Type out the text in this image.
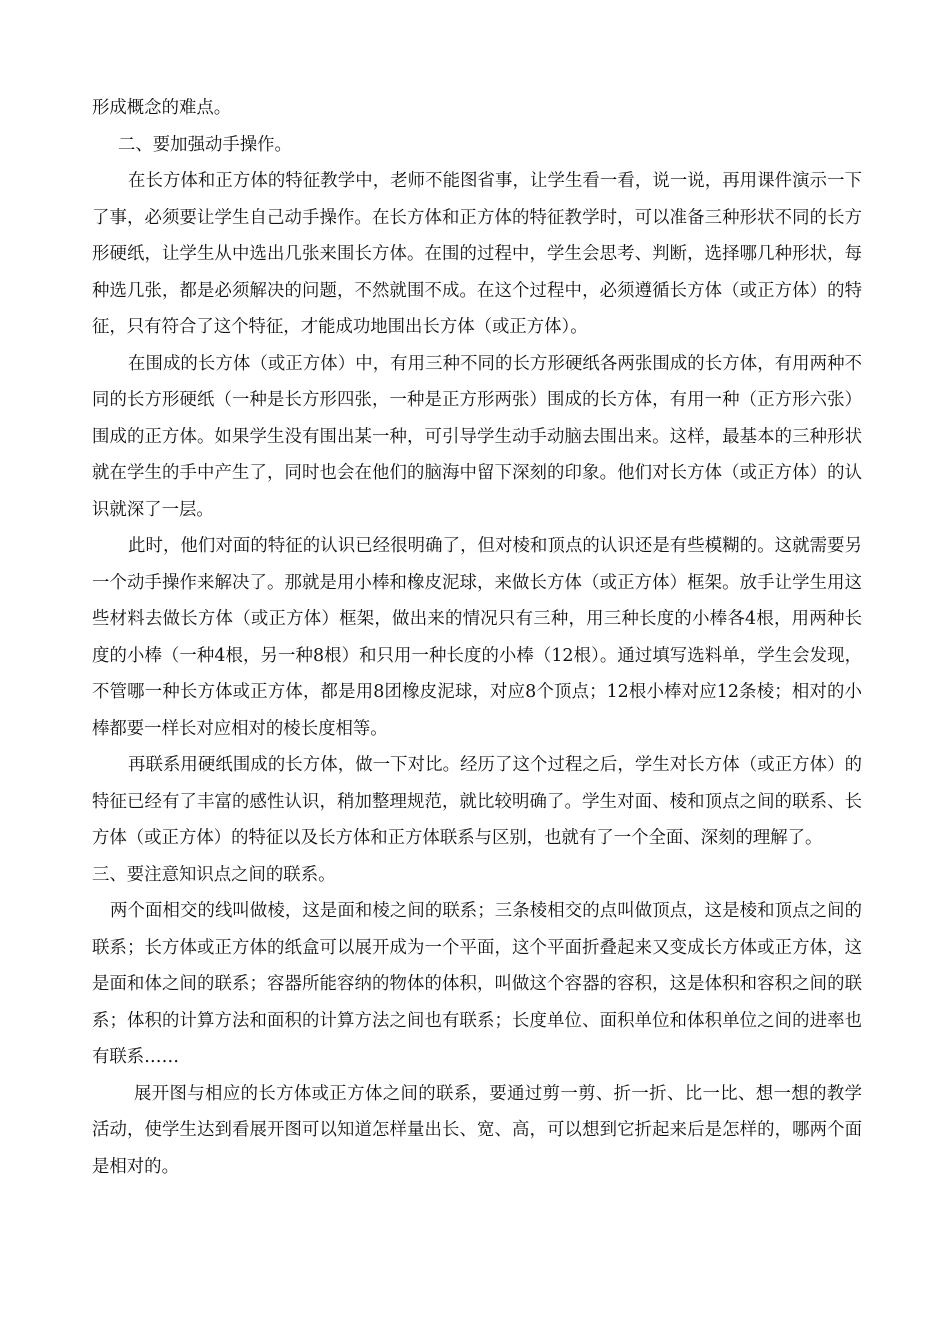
形成概念的难点。

二、要加强动手操作。

在长方体和正方体的特征教学中，老师不能图省事，让学生看一看，说一说，再用课件演示一下了事，必须要让学生自己动手操作。在长方体和正方体的特征教学时，可以准备三种形状不同的长方形硬纸，让学生从中选出几张来围长方体。在围的过程中，学生会思考、判断，选择哪几种形状，每种选几张，都是必须解决的问题，不然就围不成。在这个过程中，必须遵循长方体（或正方体）的特征，只有符合了这个特征，才能成功地围出长方体（或正方体）。

在围成的长方体（或正方体）中，有用三种不同的长方形硬纸各两张围成的长方体，有用两种不同的长方形硬纸（一种是长方形四张，一种是正方形两张）围成的长方体，有用一种（正方形六张）围成的正方体。如果学生没有围出某一种，可引导学生动手动脑去围出来。这样，最基本的三种形状就在学生的手中产生了，同时也会在他们的脑海中留下深刻的印象。他们对长方体（或正方体）的认识就深了一层。

此时，他们对面的特征的认识已经很明确了，但对棱和顶点的认识还是有些模糊的。这就需要另一个动手操作来解决了。那就是用小棒和橡皮泥球，来做长方体（或正方体）框架。放手让学生用这些材料去做长方体（或正方体）框架，做出来的情况只有三种，用三种长度的小棒各4根，用两种长度的小棒（一种4根，另一种8根）和只用一种长度的小棒（12根）。通过填写选料单，学生会发现，不管哪一种长方体或正方体，都是用8团橡皮泥球，对应8个顶点；12根小棒对应12条棱；相对的小棒都要一样长对应相对的棱长度相等。

再联系用硬纸围成的长方体，做一下对比。经历了这个过程之后，学生对长方体（或正方体）的特征已经有了丰富的感性认识，稍加整理规范，就比较明确了。学生对面、棱和顶点之间的联系、长方体（或正方体）的特征以及长方体和正方体联系与区别，也就有了一个全面、深刻的理解了。

三、要注意知识点之间的联系。

两个面相交的线叫做棱，这是面和棱之间的联系；三条棱相交的点叫做顶点，这是棱和顶点之间的联系；长方体或正方体的纸盒可以展开成为一个平面，这个平面折叠起来又变成长方体或正方体，这是面和体之间的联系；容器所能容纳的物体的体积，叫做这个容器的容积，这是体积和容积之间的联系；体积的计算方法和面积的计算方法之间也有联系；长度单位、面积单位和体积单位之间的进率也有联系……

展开图与相应的长方体或正方体之间的联系，要通过剪一剪、折一折、比一比、想一想的教学活动，使学生达到看展开图可以知道怎样量出长、宽、高，可以想到它折起来后是怎样的，哪两个面是相对的。
